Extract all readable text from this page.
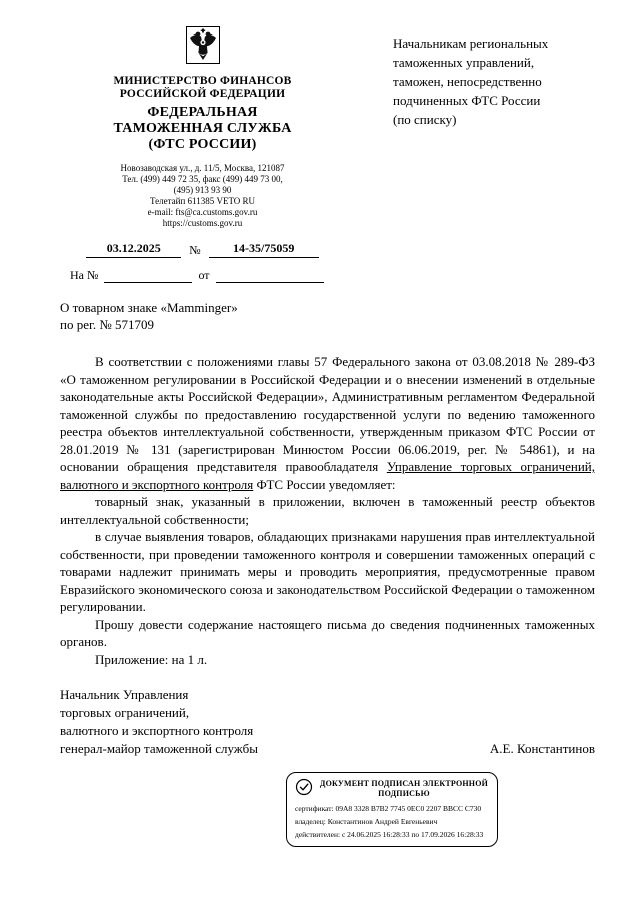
МИНИСТЕРСТВО ФИНАНСОВ
РОССИЙСКОЙ ФЕДЕРАЦИИ
ФЕДЕРАЛЬНАЯ
ТАМОЖЕННАЯ СЛУЖБА
(ФТС РОССИИ)
Новозаводская ул., д. 11/5, Москва, 121087
Тел. (499) 449 72 35, факс (499) 449 73 00,
(495) 913 93 90
Телетайп 611385 VETO RU
e-mail: fts@ca.customs.gov.ru
https://customs.gov.ru
03.12.2025	№	14-35/75059
На №	от
Начальникам региональных
таможенных управлений,
таможен, непосредственно
подчиненных ФТС России
(по списку)
О товарном знаке «Mamminger»
по рег. № 571709

В соответствии с положениями главы 57 Федерального закона от 03.08.2018 № 289-ФЗ «О таможенном регулировании в Российской Федерации и о внесении изменений в отдельные законодательные акты Российской Федерации», Административным регламентом Федеральной таможенной службы по предоставлению государственной услуги по ведению таможенного реестра объектов интеллектуальной собственности, утвержденным приказом ФТС России от 28.01.2019 № 131 (зарегистрирован Минюстом России 06.06.2019, рег. № 54861), и на основании обращения представителя правообладателя Управление торговых ограничений, валютного и экспортного контроля ФТС России уведомляет:

товарный знак, указанный в приложении, включен в таможенный реестр объектов интеллектуальной собственности;

в случае выявления товаров, обладающих признаками нарушения прав интеллектуальной собственности, при проведении таможенного контроля и совершении таможенных операций с товарами надлежит принимать меры и проводить мероприятия, предусмотренные правом Евразийского экономического союза и законодательством Российской Федерации о таможенном регулировании.

Прошу довести содержание настоящего письма до сведения подчиненных таможенных органов.

Приложение: на 1 л.

Начальник Управления
торговых ограничений,
валютного и экспортного контроля
генерал-майор таможенной службы	А.Е. Константинов
ДОКУМЕНТ ПОДПИСАН ЭЛЕКТРОННОЙ
ПОДПИСЬЮ
сертификат: 09А8 3328 В7В2 7745 0ЕС0 2207 ВВСС С730
владелец: Константинов Андрей Евгеньевич
действителен: с 24.06.2025 16:28:33 по 17.09.2026 16:28:33
